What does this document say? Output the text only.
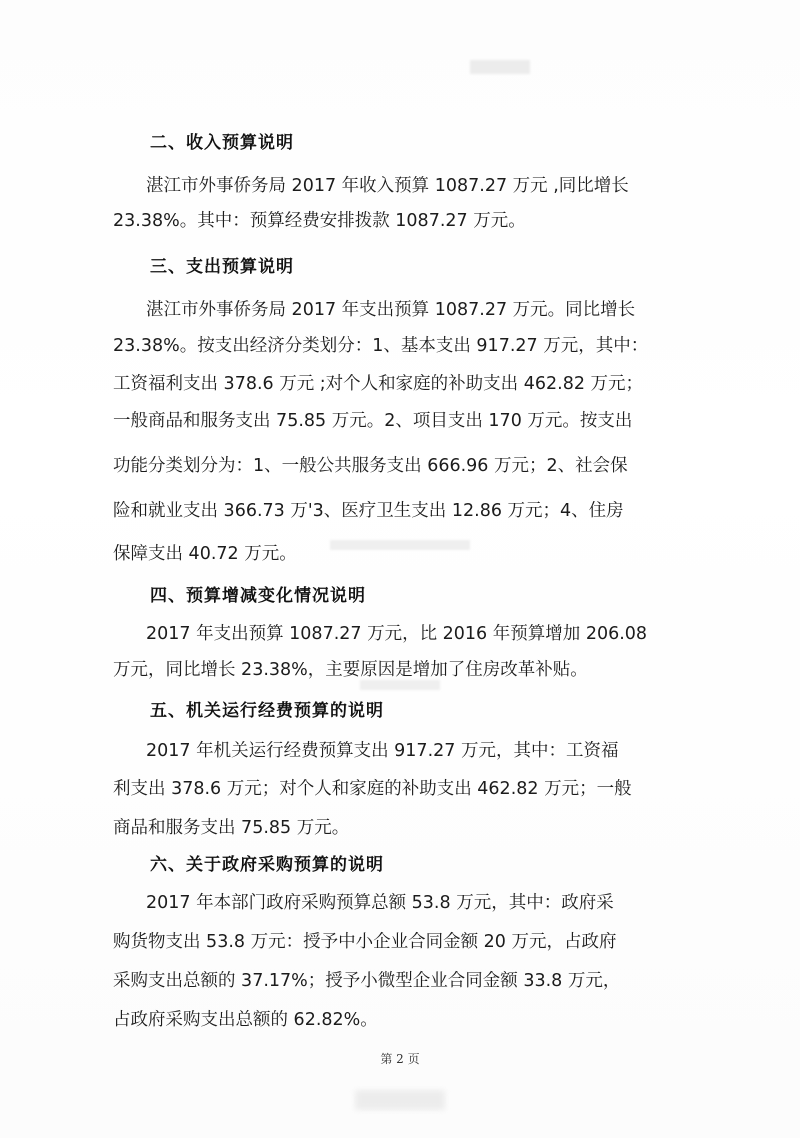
二、收入预算说明
湛江市外事侨务局 2017 年收入预算 1087.27 万元 ,同比增长
23.38%。其中：预算经费安排拨款 1087.27 万元。
三、支出预算说明
湛江市外事侨务局 2017 年支出预算 1087.27 万元。同比增长
23.38%。按支出经济分类划分：1、基本支出 917.27 万元，其中：
工资福利支出 378.6 万元 ;对个人和家庭的补助支出 462.82 万元；
一般商品和服务支出 75.85 万元。2、项目支出 170 万元。按支出
功能分类划分为：1、一般公共服务支出 666.96 万元；2、社会保
险和就业支出 366.73 万'3、医疗卫生支出 12.86 万元；4、住房
保障支出 40.72 万元。
四、预算增减变化情况说明
2017 年支出预算 1087.27 万元，比 2016 年预算增加 206.08
万元，同比增长 23.38%，主要原因是增加了住房改革补贴。
五、机关运行经费预算的说明
2017 年机关运行经费预算支出 917.27 万元，其中：工资福
利支出 378.6 万元；对个人和家庭的补助支出 462.82 万元；一般
商品和服务支出 75.85 万元。
六、关于政府采购预算的说明
2017 年本部门政府采购预算总额 53.8 万元，其中：政府采
购货物支出 53.8 万元：授予中小企业合同金额 20 万元，占政府
采购支出总额的 37.17%；授予小微型企业合同金额 33.8 万元，
占政府采购支出总额的 62.82%。
第 2 页
